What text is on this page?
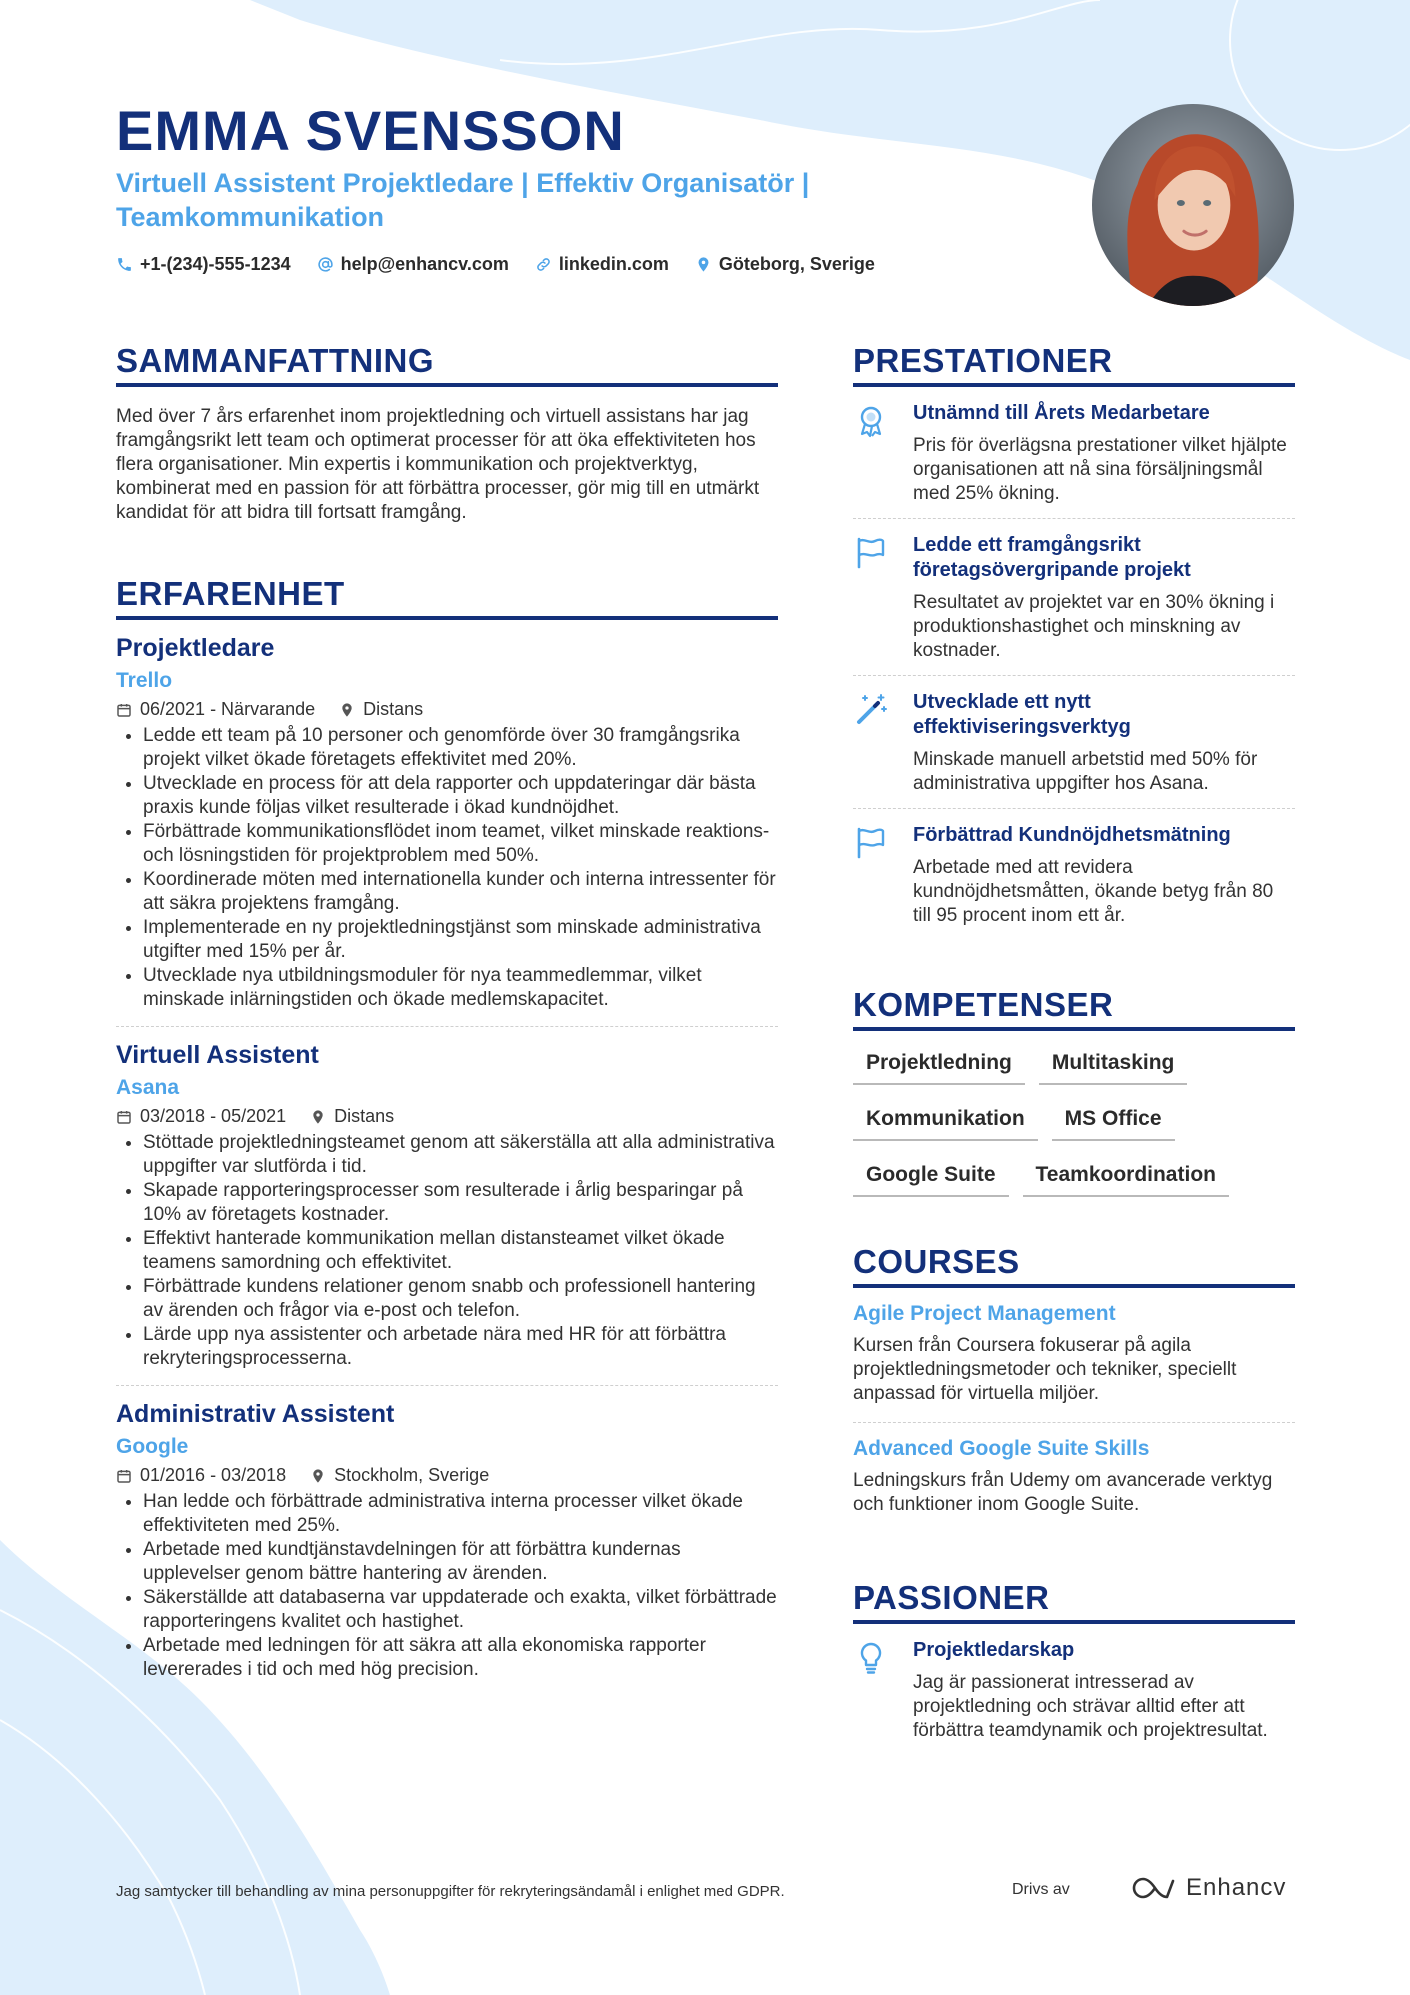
EMMA SVENSSON

Virtuell Assistent Projektledare | Effektiv Organisatör | Teamkommunikation

+1-(234)-555-1234	help@enhancv.com	linkedin.com	Göteborg, Sverige
SAMMANFATTNING
Med över 7 års erfarenhet inom projektledning och virtuell assistans har jag framgångsrikt lett team och optimerat processer för att öka effektiviteten hos flera organisationer. Min expertis i kommunikation och projektverktyg, kombinerat med en passion för att förbättra processer, gör mig till en utmärkt kandidat för att bidra till fortsatt framgång.
ERFARENHET
Projektledare
Trello
06/2021 - Närvarande	Distans
• Ledde ett team på 10 personer och genomförde över 30 framgångsrika projekt vilket ökade företagets effektivitet med 20%.
• Utvecklade en process för att dela rapporter och uppdateringar där bästa praxis kunde följas vilket resulterade i ökad kundnöjdhet.
• Förbättrade kommunikationsflödet inom teamet, vilket minskade reaktions- och lösningstiden för projektproblem med 50%.
• Koordinerade möten med internationella kunder och interna intressenter för att säkra projektens framgång.
• Implementerade en ny projektledningstjänst som minskade administrativa utgifter med 15% per år.
• Utvecklade nya utbildningsmoduler för nya teammedlemmar, vilket minskade inlärningstiden och ökade medlemskapacitet.
Virtuell Assistent
Asana
03/2018 - 05/2021	Distans
• Stöttade projektledningsteamet genom att säkerställa att alla administrativa uppgifter var slutförda i tid.
• Skapade rapporteringsprocesser som resulterade i årlig besparingar på 10% av företagets kostnader.
• Effektivt hanterade kommunikation mellan distansteamet vilket ökade teamens samordning och effektivitet.
• Förbättrade kundens relationer genom snabb och professionell hantering av ärenden och frågor via e-post och telefon.
• Lärde upp nya assistenter och arbetade nära med HR för att förbättra rekryteringsprocesserna.
Administrativ Assistent
Google
01/2016 - 03/2018	Stockholm, Sverige
• Han ledde och förbättrade administrativa interna processer vilket ökade effektiviteten med 25%.
• Arbetade med kundtjänstavdelningen för att förbättra kundernas upplevelser genom bättre hantering av ärenden.
• Säkerställde att databaserna var uppdaterade och exakta, vilket förbättrade rapporteringens kvalitet och hastighet.
• Arbetade med ledningen för att säkra att alla ekonomiska rapporter levererades i tid och med hög precision.
PRESTATIONER
Utnämnd till Årets Medarbetare
Pris för överlägsna prestationer vilket hjälpte organisationen att nå sina försäljningsmål med 25% ökning.
Ledde ett framgångsrikt företagsövergripande projekt
Resultatet av projektet var en 30% ökning i produktionshastighet och minskning av kostnader.
Utvecklade ett nytt effektiviseringsverktyg
Minskade manuell arbetstid med 50% för administrativa uppgifter hos Asana.
Förbättrad Kundnöjdhetsmätning
Arbetade med att revidera kundnöjdhetsmåtten, ökande betyg från 80 till 95 procent inom ett år.
KOMPETENSER
Projektledning	Multitasking
Kommunikation	MS Office
Google Suite	Teamkoordination
COURSES
Agile Project Management
Kursen från Coursera fokuserar på agila projektledningsmetoder och tekniker, speciellt anpassad för virtuella miljöer.
Advanced Google Suite Skills
Ledningskurs från Udemy om avancerade verktyg och funktioner inom Google Suite.
PASSIONER
Projektledarskap
Jag är passionerat intresserad av projektledning och strävar alltid efter att förbättra teamdynamik och projektresultat.
Jag samtycker till behandling av mina personuppgifter för rekryteringsändamål i enlighet med GDPR.	Drivs av	Enhancv
